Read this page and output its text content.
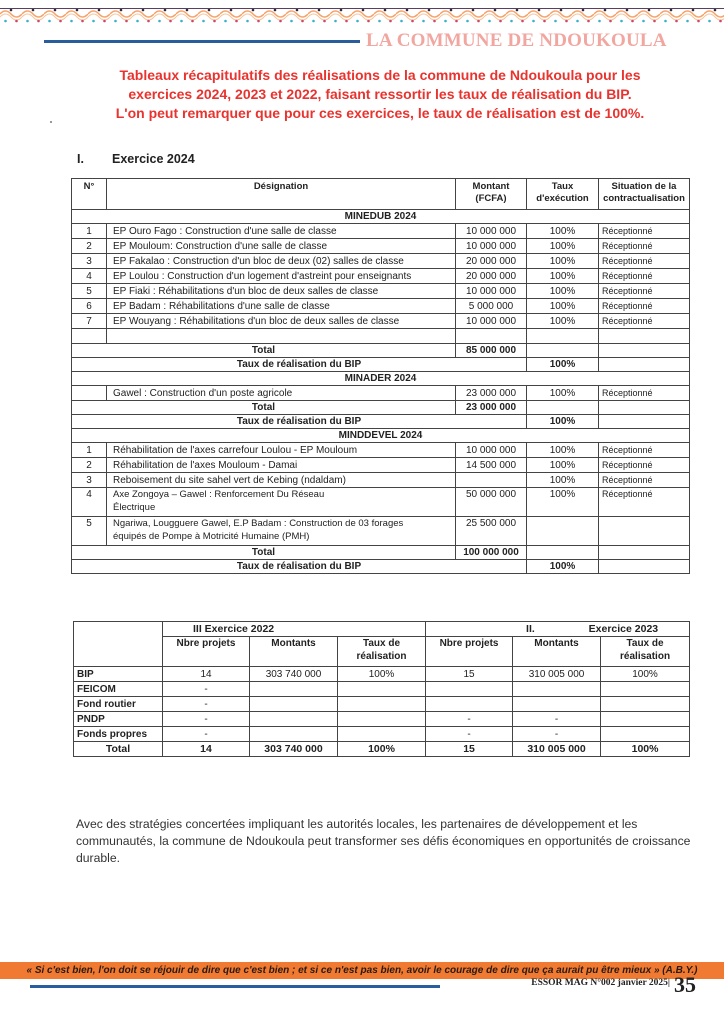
LA COMMUNE DE NDOUKOULA
Tableaux récapitulatifs des réalisations de la commune de Ndoukoula pour les
exercices 2024, 2023 et 2022, faisant ressortir les taux de réalisation du BIP.
L'on peut remarquer que pour ces exercices, le taux de réalisation est de 100%.
I. Exercice 2024
N°	Désignation	Montant (FCFA)	Taux d'exécution	Situation de la contractualisation
MINEDUB 2024				
1	EP Ouro Fago : Construction d'une salle de classe	10 000 000	100%	Réceptionné
2	EP Mouloum: Construction d'une salle de classe	10 000 000	100%	Réceptionné
3	EP Fakalao : Construction d'un bloc de deux (02) salles de classe	20 000 000	100%	Réceptionné
4	EP Loulou : Construction d'un logement d'astreint pour enseignants	20 000 000	100%	Réceptionné
5	EP Fiaki : Réhabilitations d'un bloc de deux salles de classe	10 000 000	100%	Réceptionné
6	EP Badam : Réhabilitations d'une salle de classe	5 000 000	100%	Réceptionné
7	EP Wouyang : Réhabilitations d'un bloc de deux salles de classe	10 000 000	100%	Réceptionné

Total		85 000 000		
Taux de réalisation du BIP			100%	
MINADER 2024				
	Gawel : Construction d'un poste agricole	23 000 000	100%	Réceptionné
Total		23 000 000		
Taux de réalisation du BIP			100%	
MINDDEVEL 2024				
1	Réhabilitation de l'axes carrefour Loulou - EP Mouloum	10 000 000	100%	Réceptionné
2	Réhabilitation de l'axes Mouloum - Damai	14 500 000	100%	Réceptionné
3	Reboisement du site sahel vert de Kebing (ndaldam)		100%	Réceptionné
4	Axe Zongoya – Gawel : Renforcement Du Réseau Électrique	50 000 000	100%	Réceptionné
5	Ngariwa, Lougguere Gawel, E.P Badam : Construction de 03 forages équipés de Pompe à Motricité Humaine (PMH)	25 500 000		
Total		100 000 000		
Taux de réalisation du BIP			100%	
	III Exercice 2022			II. Exercice 2023		
	Nbre projets	Montants	Taux de réalisation	Nbre projets	Montants	Taux de réalisation
BIP	14	303 740 000	100%	15	310 005 000	100%
FEICOM	-					
Fond routier	-					
PNDP	-			-	-	
Fonds propres	-			-	-	
Total	14	303 740 000	100%	15	310 005 000	100%
Avec des stratégies concertées impliquant les autorités locales, les partenaires de développement et les communautés, la commune de Ndoukoula peut transformer ses défis économiques en opportunités de croissance durable.
« Si c'est bien, l'on doit se réjouir de dire que c'est bien ; et si ce n'est pas bien, avoir le courage de dire que ça aurait pu être mieux » (A.B.Y.)
ESSOR MAG N°002 janvier 2025| 35
